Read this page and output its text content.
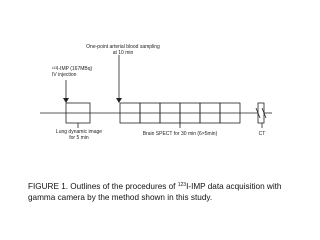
One-point arterial blood sampling
at 10 min
¹²³I-IMP (167MBq)
IV injection
Lung dynamic image
for 5 min
Brain SPECT for 30 min (6×5min)	CT
FIGURE 1. Outlines of the procedures of $^{123}$I-IMP data acquisition with gamma camera by the method shown in this study.
